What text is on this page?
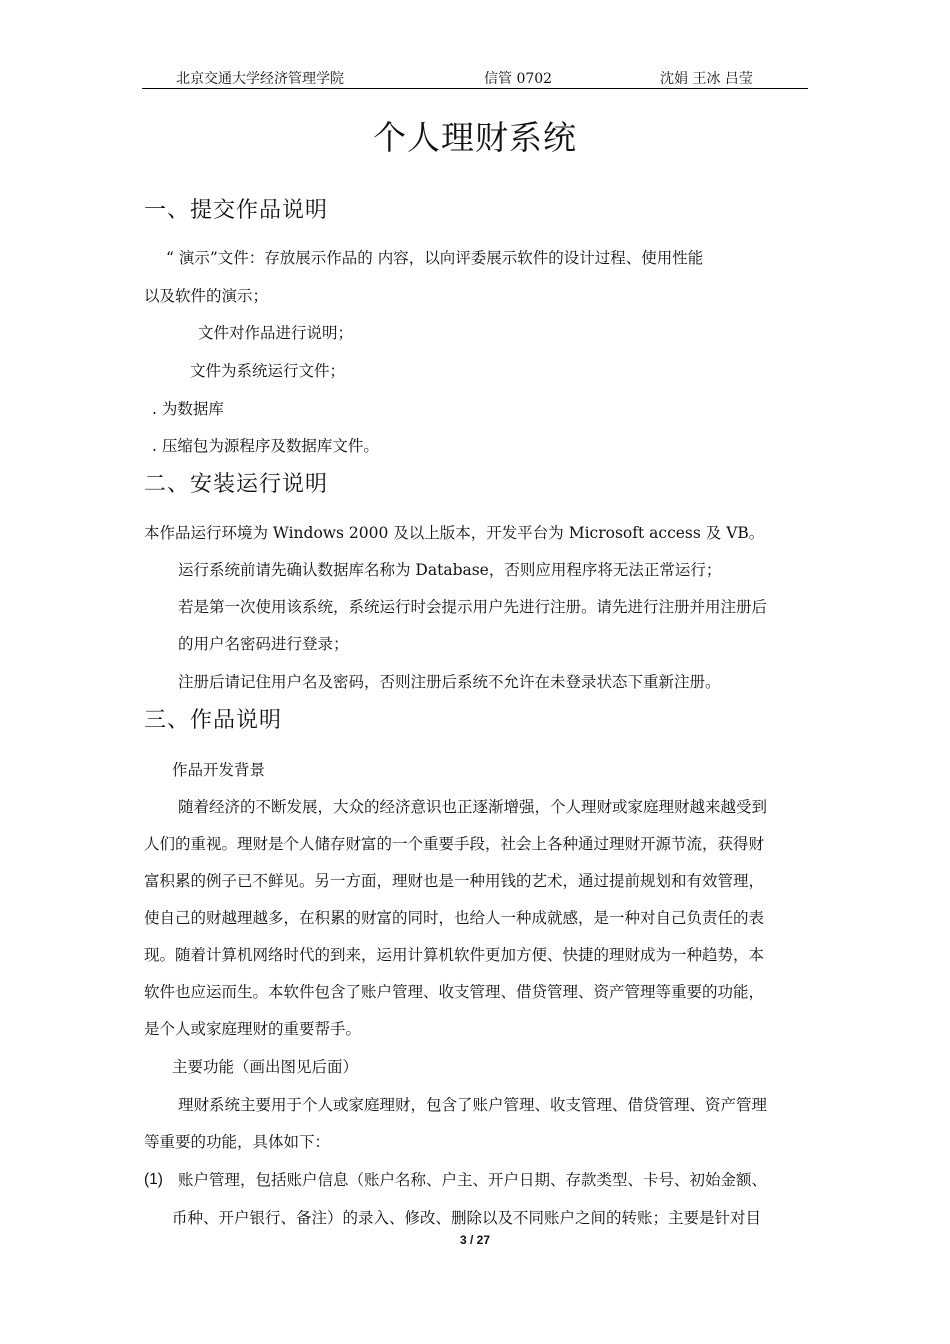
北京交通大学经济管理学院	信管 0702	沈娟 王冰 吕莹
个人理财系统
一、提交作品说明
“ 演示”文件：存放展示作品的 内容，以向评委展示软件的设计过程、使用性能
以及软件的演示；
文件对作品进行说明；
文件为系统运行文件；
. 为数据库
. 压缩包为源程序及数据库文件。
二、安装运行说明
本作品运行环境为 Windows 2000 及以上版本，开发平台为 Microsoft access 及 VB。
运行系统前请先确认数据库名称为 Database，否则应用程序将无法正常运行；
若是第一次使用该系统，系统运行时会提示用户先进行注册。请先进行注册并用注册后
的用户名密码进行登录；
注册后请记住用户名及密码，否则注册后系统不允许在未登录状态下重新注册。
三、作品说明
作品开发背景
随着经济的不断发展，大众的经济意识也正逐渐增强，个人理财或家庭理财越来越受到
人们的重视。理财是个人储存财富的一个重要手段，社会上各种通过理财开源节流，获得财
富积累的例子已不鲜见。另一方面，理财也是一种用钱的艺术，通过提前规划和有效管理，
使自己的财越理越多，在积累的财富的同时，也给人一种成就感，是一种对自己负责任的表
现。随着计算机网络时代的到来，运用计算机软件更加方便、快捷的理财成为一种趋势，本
软件也应运而生。本软件包含了账户管理、收支管理、借贷管理、资产管理等重要的功能，
是个人或家庭理财的重要帮手。
主要功能（画出图见后面）
理财系统主要用于个人或家庭理财，包含了账户管理、收支管理、借贷管理、资产管理
等重要的功能，具体如下：
(1) 账户管理，包括账户信息（账户名称、户主、开户日期、存款类型、卡号、初始金额、
币种、开户银行、备注）的录入、修改、删除以及不同账户之间的转账；主要是针对目
3 / 27
